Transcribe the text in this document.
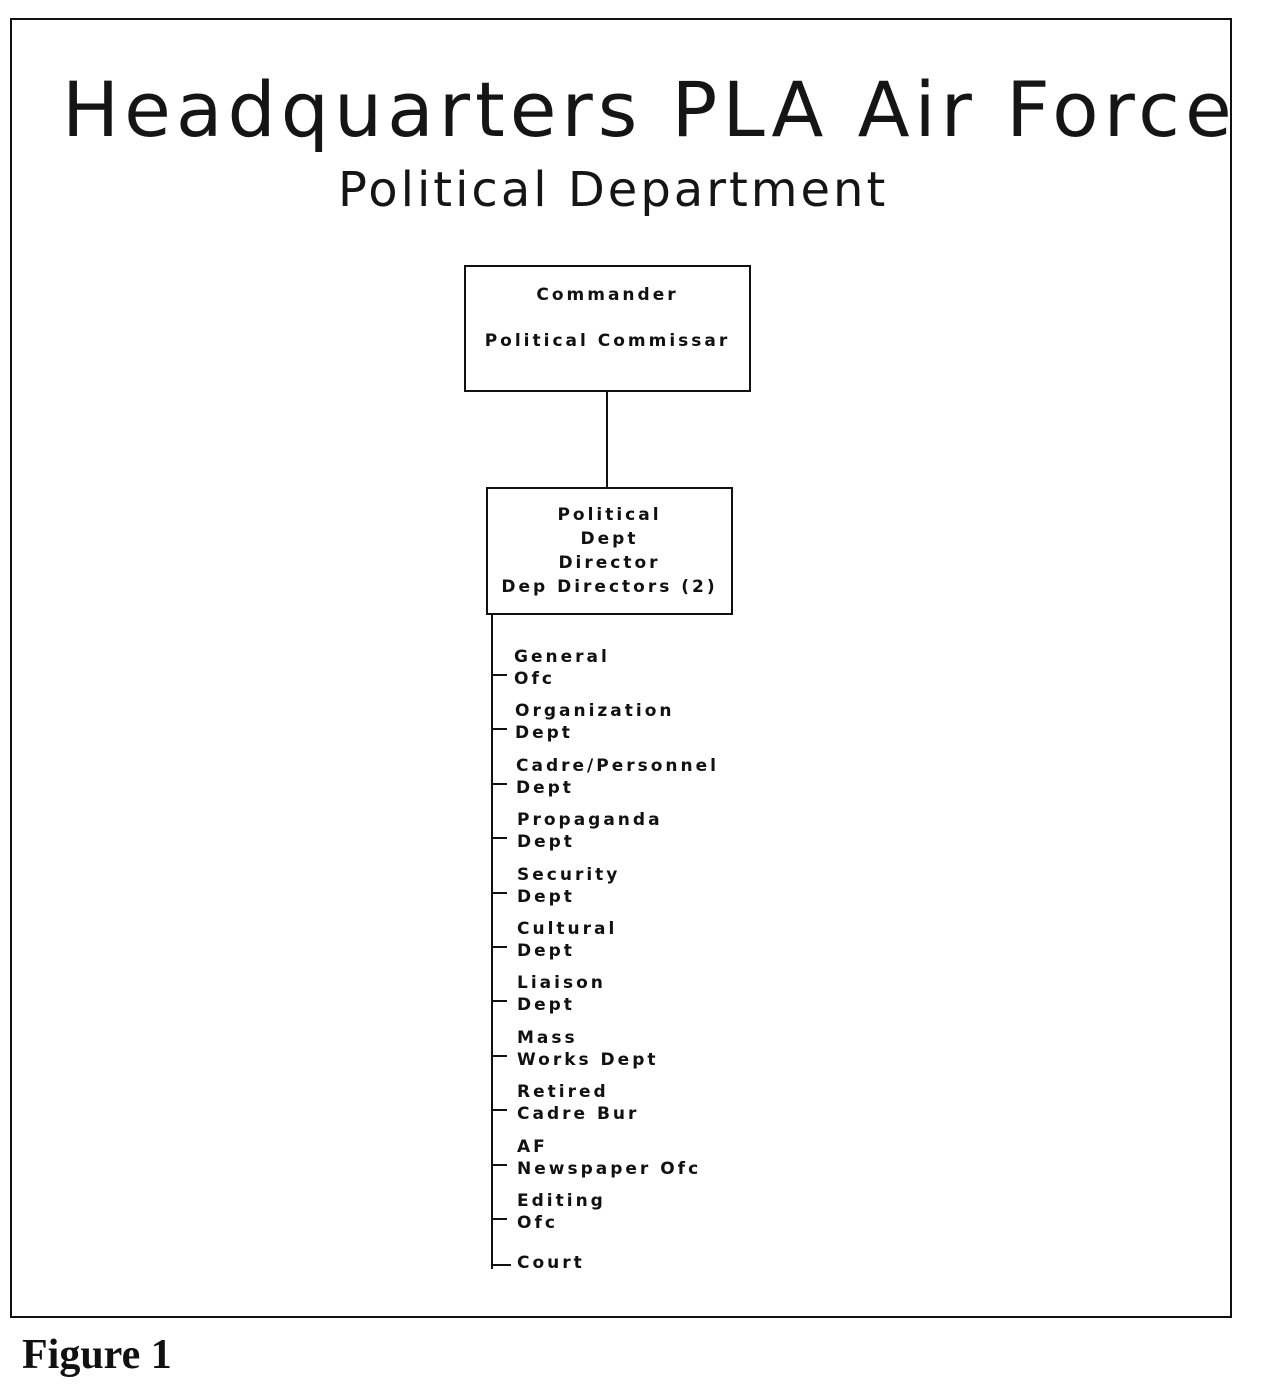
Headquarters PLA Air Force
Political Department
Commander
Political Commissar
Political
Dept
Director
Dep Directors (2)
General
Ofc
Organization
Dept
Cadre/Personnel
Dept
Propaganda
Dept
Security
Dept
Cultural
Dept
Liaison
Dept
Mass
Works Dept
Retired
Cadre Bur
AF
Newspaper Ofc
Editing
Ofc
Court
Figure 1
